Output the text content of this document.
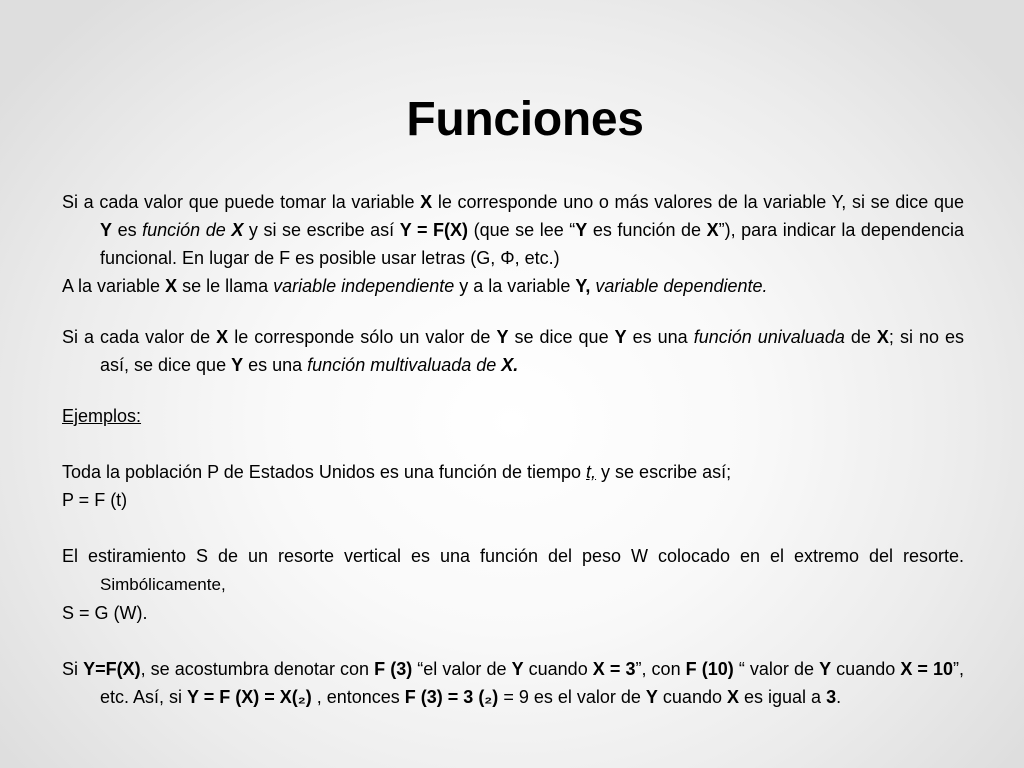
Funciones

Si a cada valor que puede tomar la variable X le corresponde uno o más valores de la variable Y, si se dice que Y es función de X y si se escribe así Y = F(X) (que se lee “Y es función de X”), para indicar la dependencia funcional. En lugar de F es posible usar letras (G, Φ, etc.)

A la variable X se le llama variable independiente y a la variable Y, variable dependiente.

Si a cada valor de X le corresponde sólo un valor de Y se dice que Y es una función univaluada de X; si no es así, se dice que Y es una función multivaluada de X.

Ejemplos:

Toda la población P de Estados Unidos es una función de tiempo t, y se escribe así;

P = F (t)

El estiramiento S de un resorte vertical es una función del peso W colocado en el extremo del resorte. Simbólicamente,

S = G (W).

Si Y=F(X), se acostumbra denotar con F (3) “el valor de Y cuando X = 3”, con F (10) “ valor de Y cuando X = 10”, etc. Así, si Y = F (X) = X(₂) , entonces F (3) = 3 (₂) = 9 es el valor de Y cuando X es igual a 3.
